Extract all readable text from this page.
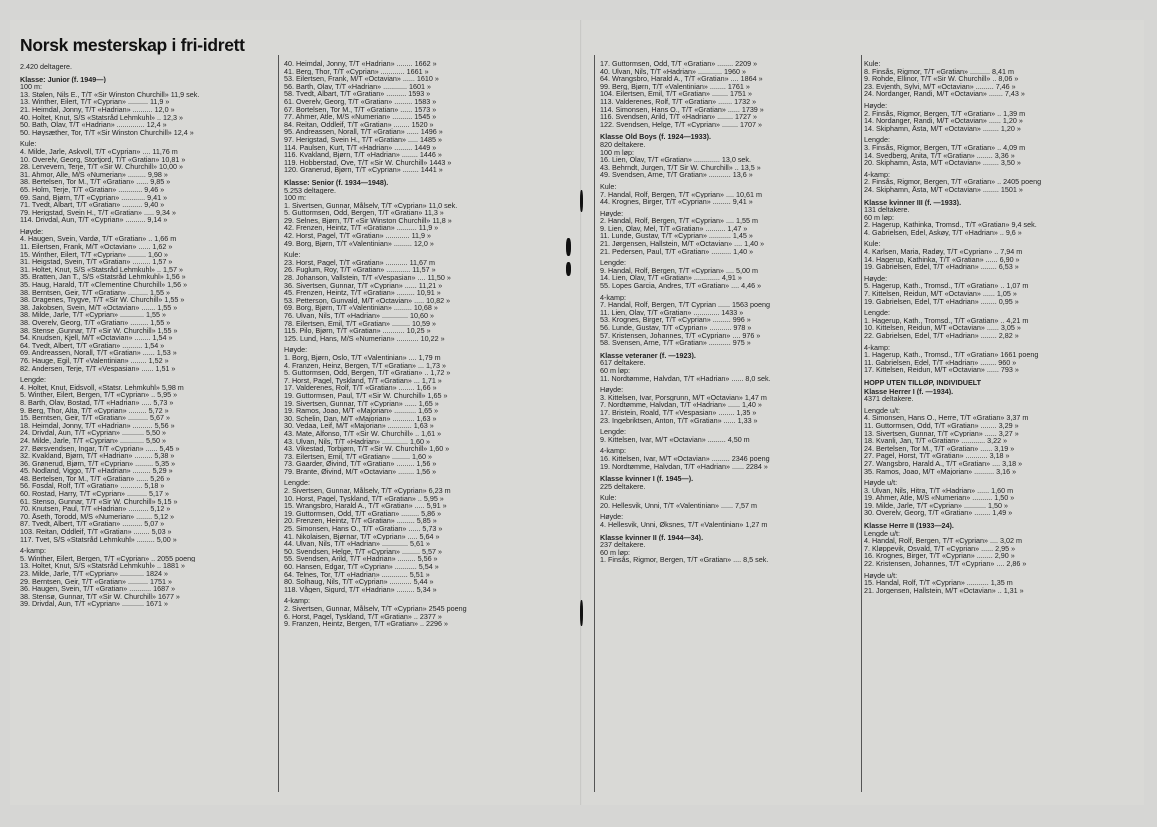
Norsk mesterskap i fri-idrett
2.420 deltagere.
Klasse: Junior (f. 1949—)
100 m:
13. Stølen, Nils E., T/T «Sir Winston Churchill» 11,9 sek.
13. Winther, Eilert, T/T «Cyprian» .......... 11,9 »
21. Heimdal, Jonny, T/T «Hadrian» .......... 12,0 »
40. Holtet, Knut, S/S «Statsråd Lehmkuhl» .. 12,3 »
50. Bath, Olav, T/T «Hadrian» .............. 12,4 »
50. Høysæther, Tor, T/T «Sir Winston Churchill» 12,4 »
Kule:
4. Milde, Jarle, Askvoll, T/T «Cyprian» .... 11,76 m
10. Overelv, Georg, Stortjord, T/T «Gratian» 10,81 »
28. Lervevern, Terje, T/T «Sir W. Churchill» 10,00 »
31. Ahmor, Alle, M/S «Numerian» ......... 9,98 »
38. Bertelsen, Tor M., T/T «Gratian» ...... 9,85 »
65. Holm, Terje, T/T «Gratian» ............ 9,46 »
69. Sand, Bjørn, T/T «Cyprian» ............ 9,41 »
71. Tvedt, Albart, T/T «Gratian» .......... 9,40 »
79. Herigstad, Svein H., T/T «Gratian» ..... 9,34 »
114. Drivdal, Aun, T/T «Cyprian» .......... 9,14 »
Høyde:
4. Haugen, Svein, Vardø, T/T «Gratian» .. 1,66 m
11. Eilertsen, Frank, M/T «Octavian» ...... 1,62 »
15. Winther, Eilert, T/T «Cyprian» ......... 1,60 »
31. Heigstad, Svein, T/T «Gratian» ......... 1,57 »
31. Holtet, Knut, S/S «Statsråd Lehmkuhl» .. 1,57 »
35. Bratten, Jan T., S/S «Statsråd Lehmkuhl» 1,56 »
35. Haug, Harald, T/T «Clementine Churchill» 1,56 »
38. Berntsen, Geir, T/T «Gratian» .......... 1,55 »
38. Dragenes, Trygve, T/T «Sir W. Churchill» 1,55 »
38. Jakobsen, Svein, M/T «Octavian» ....... 1,55 »
38. Milde, Jarle, T/T «Cyprian» ............ 1,55 »
38. Overelv, Georg, T/T «Gratian» ......... 1,55 »
38. Stense ,Gunnar, T/T «Sir W. Churchill» 1,55 »
54. Knudsen, Kjell, M/T «Octavian» ........ 1,54 »
64. Tvedt, Albert, T/T «Gratian» .......... 1,54 »
69. Andreassen, Norall, T/T «Gratian» ...... 1,53 »
76. Hauge, Egil, T/T «Valentinian» ........ 1,52 »
82. Andersen, Terje, T/T «Vespasian» ...... 1,51 »
Lengde:
4. Holtet, Knut, Eidsvoll, «Statsr. Lehmkuhl» 5,98 m
5. Winther, Eilert, Bergen, T/T «Cyprian» .. 5,95 »
8. Barth, Olav, Bostad, T/T «Hadrian» ..... 5,73 »
9. Berg, Thor, Alta, T/T «Cyprian» ......... 5,72 »
15. Berntsen, Geir, T/T «Gratian» .......... 5,67 »
18. Heimdal, Jonny, T/T «Hadrian» .......... 5,56 »
24. Drivdal, Aun, T/T «Cyprian» ........... 5,50 »
24. Milde, Jarle, T/T «Cyprian» ............ 5,50 »
27. Børsvendsen, Ingar, T/T «Cyprian» ...... 5,45 »
32. Kvakland, Bjørn, T/T «Hadrian» ......... 5,38 »
36. Grønerud, Bjørn, T/T «Cyprian» ......... 5,35 »
45. Nodland, Viggo, T/T «Hadrian» ......... 5,29 »
48. Bertelsen, Tor M., T/T «Gratian» ...... 5,26 »
56. Fosdal, Rolf, T/T «Gratian» ........... 5,18 »
60. Rostad, Harry, T/T «Cyprian» .......... 5,17 »
61. Stenso, Gunnar, T/T «Sir W. Churchill» 5,15 »
70. Knutsen, Paul, T/T «Hadrian» .......... 5,12 »
70. Åseth, Torodd, M/S «Numerian» ........ 5,12 »
87. Tvedt, Albert, T/T «Gratian» .......... 5,07 »
103. Reitan, Oddleif, T/T «Gratian» ........ 5,03 »
117. Tvet, S/S «Statsråd Lehmkuhl» ......... 5,00 »
4-kamp:
5. Winther, Eilert, Bergen, T/T «Cyprian» .. 2055 poeng
13. Holtet, Knut, S/S «Statsråd Lehmkuhl» .. 1881 »
23. Milde, Jarle, T/T «Cyprian» ............ 1824 »
29. Berntsen, Geir, T/T «Gratian» .......... 1751 »
36. Haugen, Svein, T/T «Gratian» ........... 1687 »
38. Stensø, Gunnar, T/T «Sir W. Churchill» 1677 »
39. Drivdal, Aun, T/T «Cyprian» ........... 1671 »
40. Heimdal, Jonny, T/T «Hadrian» ........ 1662 »
41. Berg, Thor, T/T «Cyprian» ............ 1661 »
53. Eilertsen, Frank, M/T «Octavian» ...... 1610 »
56. Barth, Olav, T/T «Hadrian» ............ 1601 »
58. Tvedt, Albart, T/T «Gratian» .......... 1593 »
61. Overelv, Georg, T/T «Gratian» ......... 1583 »
67. Bortelsen, Tor M., T/T «Gratian» ...... 1573 »
77. Ahmer, Atle, M/S «Numerian» .......... 1545 »
84. Reitan, Oddleif, T/T «Gratian» ........ 1520 »
95. Andreassen, Norall, T/T «Gratian» ...... 1496 »
97. Herigstad, Svein H., T/T «Gratian» ..... 1485 »
114. Paulsen, Kurt, T/T «Hadrian» ......... 1449 »
116. Kvakland, Bjørn, T/T «Hadrian» ........ 1446 »
119. Hobberstad, Ove, T/T «Sir W. Churchill» 1443 »
120. Granerud, Bjørn, T/T «Cyprian» ........ 1441 »
Klasse: Senior (f. 1934—1948).
5.253 deltagere.
100 m:
1. Sivertsen, Gunnar, Målselv, T/T «Cyprian» 11,0 sek.
5. Guttormsen, Odd, Bergen, T/T «Gratian» 11,3 »
29. Selnes, Bjørn, T/T «Sir Winston Churchill» 11,8 »
42. Frenzen, Heintz, T/T «Gratian» .......... 11,9 »
42. Horst, Pagel, T/T «Gratian» ............ 11,9 »
49. Borg, Bjørn, T/T «Valentinian» ......... 12,0 »
Kule:
23. Horst, Pagel, T/T «Gratian» ........... 11,67 m
26. Fuglum, Roy, T/T «Gratian» ............ 11,57 »
28. Johanson, Vallstein, T/T «Vespasian» .... 11,50 »
36. Sivertsen, Gunnar, T/T «Cyprian» ...... 11,21 »
45. Frenzen, Heintz, T/T «Gratian» ......... 10,91 »
53. Petterson, Gunvald, M/T «Octavian» ..... 10,82 »
69. Borg, Bjørn, T/T «Valentinian» ......... 10,68 »
76. Ulvan, Nils, T/T «Hadrian» ............. 10,60 »
78. Eilertsen, Emil, T/T «Gratian» ......... 10,59 »
115. Pilo, Bjørn, T/T «Gratian» ........... 10,25 »
125. Lund, Hans, M/S «Numerian» ........... 10,22 »
Høyde:
1. Borg, Bjørn, Oslo, T/T «Valentinian» .... 1,79 m
4. Franzen, Heinz, Bergen, T/T «Gratian» ... 1,73 »
5. Guttormsen, Odd, Bergen, T/T «Gratian» .. 1,72 »
7. Horst, Pagel, Tyskland, T/T «Gratian» ... 1,71 »
17. Valderenes, Rolf, T/T «Gratian» ........ 1,66 »
19. Guttormsen, Paul, T/T «Sir W. Churchill» 1,65 »
19. Sivertsen, Gunnar, T/T «Cyprian» ...... 1,65 »
19. Ramos, Joao, M/T «Majorian» ........... 1,65 »
30. Schelin, Dan, M/T «Majorian» ........... 1,63 »
30. Vedaa, Leif, M/T «Majorian» ............ 1,63 »
43. Mate, Alfonso, T/T «Sir W. Churchill» .. 1,61 »
43. Ulvan, Nils, T/T «Hadrian» ............. 1,60 »
43. Vikestad, Torbjørn, T/T «Sir W. Churchill» 1,60 »
73. Eilertsen, Emil, T/T «Gratian» ......... 1,60 »
73. Gaarder, Øivind, T/T «Gratian» ......... 1,56 »
79. Brante, Øivind, M/T «Octavian» ........ 1,56 »
Lengde:
2. Sivertsen, Gunnar, Målselv, T/T «Cyprian» 6,23 m
10. Horst, Pagel, Tyskland, T/T «Gratian» .. 5,95 »
15. Wrangsbro, Harald A., T/T «Gratian» ..... 5,91 »
19. Guttormsen, Odd, T/T «Gratian» ......... 5,86 »
20. Frenzen, Heintz, T/T «Gratian» ......... 5,85 »
25. Simonsen, Hans O., T/T «Gratian» ...... 5,73 »
41. Nikolaisen, Bjørnar, T/T «Cyprian» ..... 5,64 »
44. Ulvan, Nils, T/T «Hadrian» ............. 5,61 »
50. Svendsen, Helge, T/T «Cyprian» ......... 5,57 »
55. Svendsen, Arild, T/T «Hadrian» ......... 5,56 »
60. Hansen, Edgar, T/T «Cyprian» ........... 5,54 »
64. Telnes, Tor, T/T «Hadrian» ............. 5,51 »
80. Solhaug, Nils, T/T «Cyprian» ........... 5,44 »
118. Vågen, Sigurd, T/T «Hadrian» ......... 5,34 »
4-kamp:
2. Sivertsen, Gunnar, Målselv, T/T «Cyprian» 2545 poeng
6. Horst, Pagel, Tyskland, T/T «Gratian» .. 2377 »
9. Franzen, Heintz, Bergen, T/T «Gratian» .. 2296 »
17. Guttormsen, Odd, T/T «Gratian» ........ 2209 »
40. Ulvan, Nils, T/T «Hadrian» ............ 1960 »
64. Wrangsbro, Harald A., T/T «Gratian» .... 1864 »
99. Berg, Bjørn, T/T «Valentinian» ........ 1761 »
104. Eilertsen, Emil, T/T «Gratian» ........ 1751 »
113. Valderenes, Rolf, T/T «Gratian» ....... 1732 »
114. Simonsen, Hans O., T/T «Gratian» ...... 1739 »
116. Svendsen, Arild, T/T «Hadrian» ........ 1727 »
122. Svendsen, Helge, T/T «Cyprian» ........ 1707 »
Klasse Old Boys (f. 1924—1933).
820 deltakere.
100 m løp:
16. Lien, Olav, T/T «Gratian» ............. 13,0 sek.
43. Behrndt, Jurgen, T/T Sir W. Churchill» .. 13,5 »
49. Svendsen, Arne, T/T Gratian» ........... 13,6 »
Kule:
7. Handal, Rolf, Bergen, T/T «Cyprian» .... 10,61 m
44. Krognes, Birger, T/T «Cyprian» ......... 9,41 »
Høyde:
2. Handal, Rolf, Bergen, T/T «Cyprian» .... 1,55 m
9. Lien, Olav, Mel, T/T «Gratian» .......... 1,47 »
11. Lunde, Gustav, T/T «Cyprian» ........... 1,45 »
21. Jørgensen, Hallstein, M/T «Octavian» .... 1,40 »
21. Pedersen, Paul, T/T «Gratian» .......... 1,40 »
Lengde:
9. Handal, Rolf, Bergen, T/T «Cyprian» .... 5,00 m
14. Lien, Olav, T/T «Gratian» ............. 4,91 »
55. Lopes Garcia, Andres, T/T «Gratian» .... 4,46 »
4-kamp:
7. Handal, Rolf, Bergen, T/T Cyprian ...... 1563 poeng
11. Lien, Olav, T/T «Gratian» ............. 1433 »
53. Krognes, Birger, T/T «Cyprian» ......... 996 »
56. Lunde, Gustav, T/T «Cyprian» ........... 978 »
57. Kristensen, Johannes, T/T «Cyprian» .... 976 »
58. Svensen, Arne, T/T «Gratian» ........... 975 »
Klasse veteraner (f. —1923).
617 deltakere.
60 m løp:
11. Nordtømme, Halvdan, T/T «Hadrian» ...... 8,0 sek.
Høyde:
3. Kittelsen, Ivar, Porsgrunn, M/T «Octavian» 1,47 m
7. Nordtømme, Halvdan, T/T «Hadrian» ...... 1,40 »
17. Bristein, Roald, T/T «Vespasian» ........ 1,35 »
23. Ingebriktsen, Anton, T/T «Gratian» ...... 1,33 »
Lengde:
9. Kittelsen, Ivar, M/T «Octavian» ......... 4,50 m
4-kamp:
16. Kittelsen, Ivar, M/T «Octavian» ......... 2346 poeng
19. Nordtømme, Halvdan, T/T «Hadrian» ...... 2284 »
Klasse kvinner I (f. 1945—).
225 deltakere.
Kule:
20. Hellesvik, Unni, T/T «Valentinian» ...... 7,57 m
Høyde:
4. Hellesvik, Unni, Øksnes, T/T «Valentinian» 1,27 m
Klasse kvinner II (f. 1944—34).
237 deltakere.
60 m løp:
1. Finsås, Rigmor, Bergen, T/T «Gratian» .... 8,5 sek.
Kule:
8. Finsås, Rigmor, T/T «Gratian» .......... 8,41 m
9. Rohde, Ellinor, T/T «Sir W. Churchill» .. 8,06 »
23. Evjenth, Sylvi, M/T «Octavian» ......... 7,46 »
24. Nordanger, Randi, M/T «Octavian» ....... 7,43 »
Høyde:
2. Finsås, Rigmor, Bergen, T/T «Gratian» .. 1,39 m
14. Nordanger, Randi, M/T «Octavian» ...... 1,20 »
14. Skiphamn, Åsta, M/T «Octavian» ........ 1,20 »
Lengde:
3. Finsås, Rigmor, Bergen, T/T «Gratian» .. 4,09 m
14. Svedberg, Anita, T/T «Gratian» ........ 3,36 »
20. Skiphamn, Åsta, M/T «Octavian» ........ 3,50 »
4-kamp:
2. Finsås, Rigmor, Bergen, T/T «Gratian» .. 2405 poeng
24. Skiphamn, Åsta, M/T «Octavian» ........ 1501 »
Klasse kvinner III (f. —1933).
131 deltakere.
60 m løp:
2. Hagerup, Kathinka, Tromsd., T/T «Gratian» 9,4 sek.
4. Gabrielsen, Edel, Askøy, T/T «Hadrian» .. 9,6 »
Kule:
4. Karlsen, Maria, Radøy, T/T «Cyprian» .. 7,94 m
14. Hagerup, Kathinka, T/T «Gratian» ...... 6,90 »
19. Gabrielsen, Edel, T/T «Hadrian» ........ 6,53 »
Høyde:
5. Hagerup, Kath., Tromsd., T/T «Gratian» .. 1,07 m
7. Kittelsen, Reidun, M/T «Octavian» ...... 1,05 »
19. Gabrielsen, Edel, T/T «Hadrian» ........ 0,95 »
Lengde:
1. Hagerup, Kath., Tromsd., T/T «Gratian» .. 4,21 m
10. Kittelsen, Reidun, M/T «Octavian» ...... 3,05 »
22. Gabrielsen, Edel, T/T «Hadrian» ........ 2,82 »
4-kamp:
1. Hagerup, Kath., Tromsd., T/T «Gratian» 1661 poeng
11. Gabrielsen, Edel, T/T «Hadrian» ........ 960 »
17. Kittelsen, Reidun, M/T «Octavian» ...... 793 »
HOPP UTEN TILLØP, INDIVIDUELT
Klasse Herrer I (f. —1934).
4371 deltakere.
Lengde u/t:
4. Simonsen, Hans O., Herre, T/T «Gratian» 3,37 m
11. Guttormsen, Odd, T/T «Gratian» ........ 3,29 »
13. Sivertsen, Gunnar, T/T «Cyprian» ...... 3,27 »
18. Kvanli, Jan, T/T «Gratian» ............ 3,22 »
24. Bertelsen, Tor M., T/T «Gratian» ...... 3,19 »
27. Pagel, Horst, T/T «Gratian» ........... 3,18 »
27. Wangsbro, Harald A., T/T «Gratian» .... 3,18 »
35. Ramos, Joao, M/T «Majorian» .......... 3,16 »
Høyde u/t:
3. Ulvan, Nils, Hitra, T/T «Hadrian» ...... 1,60 m
19. Ahmer, Atle, M/S «Numerian» .......... 1,50 »
19. Milde, Jarle, T/T «Cyprian» ........... 1,50 »
30. Overelv, Georg, T/T «Gratian» ........ 1,49 »
Klasse Herre II (1933—24).
Lengde u/t:
4. Handal, Rolf, Bergen, T/T «Cyprian» .... 3,02 m
7. Kløppevik, Osvald, T/T «Cyprian» ...... 2,95 »
16. Krognes, Birger, T/T «Cyprian» ........ 2,90 »
22. Kristensen, Johannes, T/T «Cyprian» .... 2,86 »
Høyde u/t:
15. Handal, Rolf, T/T «Cyprian» ........... 1,35 m
21. Jorgensen, Hallstein, M/T «Octavian» .. 1,31 »
